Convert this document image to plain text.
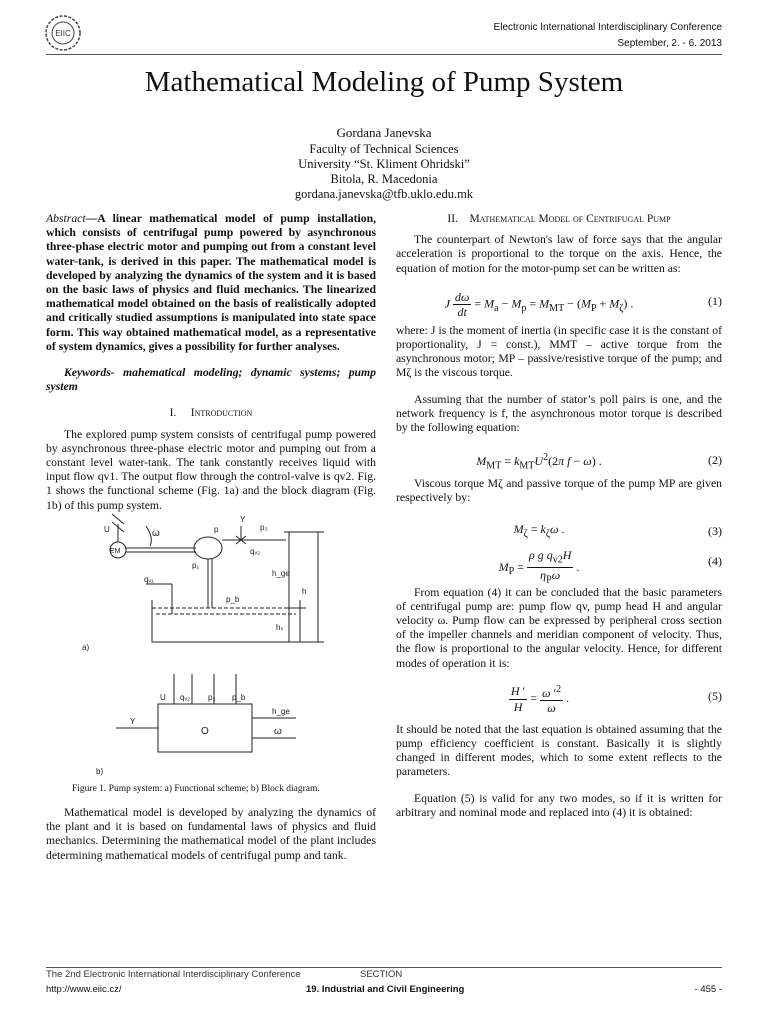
EIIC
Electronic International Interdisciplinary Conference
September, 2. - 6. 2013
Mathematical Modeling of Pump System
Gordana Janevska
Faculty of Technical Sciences
University “St. Kliment Ohridski”
Bitola, R. Macedonia
gordana.janevska@tfb.uklo.edu.mk

Abstract—A linear mathematical model of pump installation, which consists of centrifugal pump powered by asynchronous three-phase electric motor and pumping out from a constant level water-tank, is derived in this paper. The mathematical model is developed by analyzing the dynamics of the system and it is based on the basic laws of physics and fluid mechanics. The linearized mathematical model obtained on the basis of realistically adopted and critically studied assumptions is manipulated into state space form. This way obtained mathematical model, as a representative of system dynamics, gives a possibility for further analyses.

Keywords- mahematical modeling; dynamic systems; pump system

I. Introduction

The explored pump system consists of centrifugal pump powered by asynchronous three-phase electric motor and pumping out from a constant level water-tank. The tank constantly receives liquid with input flow qv1. The output flow through the control-valve is qv2. Fig. 1 shows the functional scheme (Fig. 1a) and the block diagram (Fig. 1b) of this pump system.

U	ω	p
Y
p₂
EM	qᵥ₂
p₁
qᵥ₁
h_ge
h
p_b
hₛ
U qᵥ₂ p₂ p_b
Y
O
h_ge
ω
a)
b)
Figure 1. Pump system: a) Functional scheme; b) Block diagram.

Mathematical model is developed by analyzing the dynamics of the plant and it is based on fundamental laws of physics and fluid mechanics. Determining the mathematical model of the plant includes determining mathematical models of centrifugal pump and tank.

II. Mathematical Model of Centrifugal Pump

The counterpart of Newton's law of force says that the angular acceleration is proportional to the torque on the axis. Hence, the equation of motion for the motor-pump set can be written as:

J $\frac{d\omega}{dt} = M_a - M_p = M_{MT} - (M_P + M_\zeta)$ .	(1)

where: J is the moment of inertia (in specific case it is the constant of proportionality, J = const.), MMT – active torque from the asynchronous motor; MP – passive/resistive torque of the pump; and Mζ is the viscous torque.

Assuming that the number of stator’s poll pairs is one, and the network frequency is f, the asynchronous motor torque is described by the following equation:

$M_{MT} = k_{MT}U^2(2\pi$ f − ω) .	(2)

Viscous torque Mζ and passive torque of the pump MP are given respectively by:

$M_\zeta = k_\zeta\omega$ .	(3)
$M_P = \frac{\rho g q_{v2}H}{\eta_P\omega}$ .	(4)

From equation (4) it can be concluded that the basic parameters of centrifugal pump are: pump flow qv, pump head H and angular velocity ω. Pump flow can be expressed by peripheral cross section of the impeller channels and meridian component of velocity. Thus, the flow is proportional to the angular velocity. Hence, for different modes of operation it is:

$\frac{H '}{H} = \frac{\omega '^2}{\omega}$ .	(5)

It should be noted that the last equation is obtained assuming that the pump efficiency coefficient is constant. Basically it is slightly changed in different modes, which to some extent reflects to the parameters.

Equation (5) is valid for any two modes, so if it is written for arbitrary and nominal mode and replaced into (4) it is obtained:

The 2nd Electronic International Interdisciplinary Conference
http://www.eiic.cz/
SECTION
19. Industrial and Civil Engineering	- 455 -
